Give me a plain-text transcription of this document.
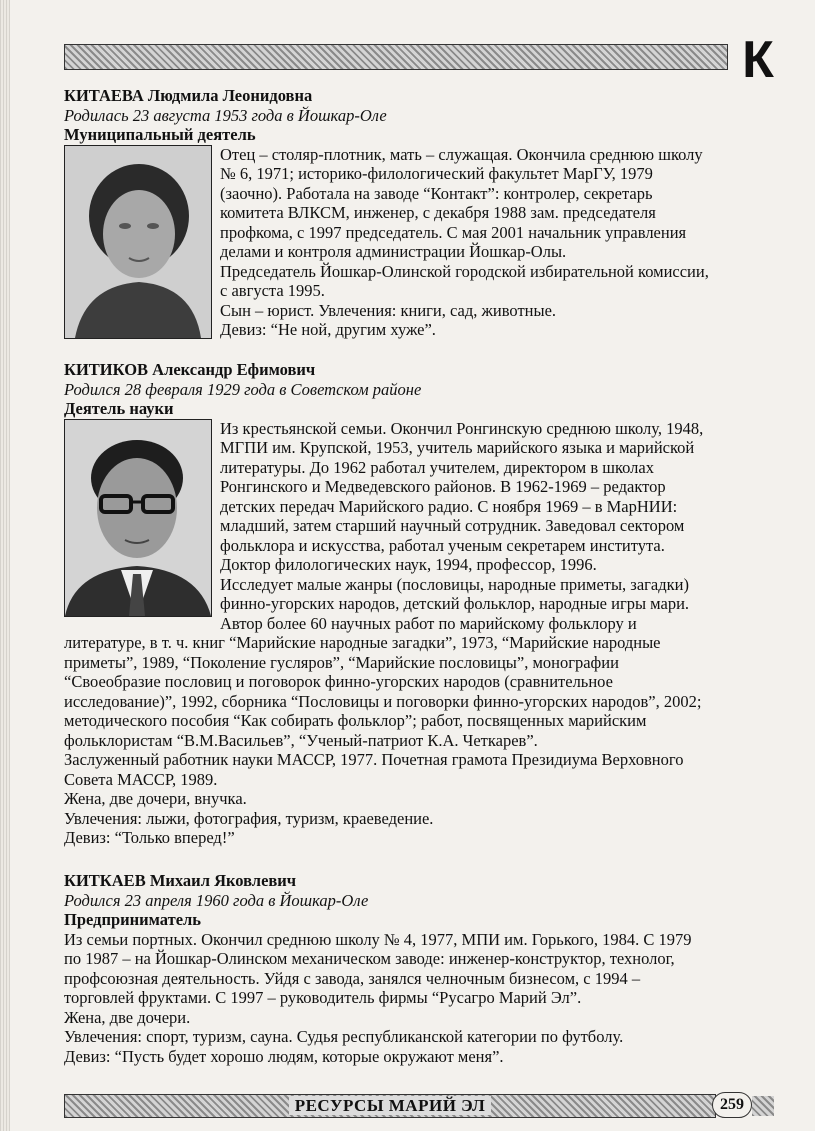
К

КИТАЕВА Людмила Леонидовна

Родилась 23 августа 1953 года в Йошкар-Оле

Муниципальный деятель

Отец – столяр-плотник, мать – служащая. Окончила среднюю школу

№ 6, 1971; историко-филологический факультет МарГУ, 1979

(заочно). Работала на заводе “Контакт”: контролер, секретарь

комитета ВЛКСМ, инженер, с декабря 1988 зам. председателя

профкома, с 1997 председатель. С мая 2001 начальник управления

делами и контроля администрации Йошкар-Олы.

Председатель Йошкар-Олинской городской избирательной комиссии,

с августа 1995.

Сын – юрист. Увлечения: книги, сад, животные.

Девиз: “Не ной, другим хуже”.

КИТИКОВ Александр Ефимович

Родился 28 февраля 1929 года в Советском районе

Деятель науки

Из крестьянской семьи. Окончил Ронгинскую среднюю школу, 1948,

МГПИ им. Крупской, 1953, учитель марийского языка и марийской

литературы. До 1962 работал учителем, директором в школах

Ронгинского и Медведевского районов. В 1962-1969 – редактор

детских передач Марийского радио. С ноября 1969 – в МарНИИ:

младший, затем старший научный сотрудник. Заведовал сектором

фольклора и искусства, работал ученым секретарем института.

Доктор филологических наук, 1994, профессор, 1996.

Исследует малые жанры (пословицы, народные приметы, загадки)

финно-угорских народов, детский фольклор, народные игры мари.

Автор более 60 научных работ по марийскому фольклору и

литературе, в т. ч. книг “Марийские народные загадки”, 1973, “Марийские народные

приметы”, 1989, “Поколение гусляров”, “Марийские пословицы”, монографии

“Своеобразие пословиц и поговорок финно-угорских народов (сравнительное

исследование)”, 1992, сборника “Пословицы и поговорки финно-угорских народов”, 2002;

методического пособия “Как собирать фольклор”; работ, посвященных марийским

фольклористам “В.М.Васильев”, “Ученый-патриот К.А. Четкарев”.

Заслуженный работник науки МАССР, 1977. Почетная грамота Президиума Верховного

Совета МАССР, 1989.

Жена, две дочери, внучка.

Увлечения: лыжи, фотография, туризм, краеведение.

Девиз: “Только вперед!”

КИТКАЕВ Михаил Яковлевич

Родился 23 апреля 1960 года в Йошкар-Оле

Предприниматель

Из семьи портных. Окончил среднюю школу № 4, 1977, МПИ им. Горького, 1984. С 1979

по 1987 – на Йошкар-Олинском механическом заводе: инженер-конструктор, технолог,

профсоюзная деятельность. Уйдя с завода, занялся челночным бизнесом, с 1994 –

торговлей фруктами. С 1997 – руководитель фирмы “Русагро Марий Эл”.

Жена, две дочери.

Увлечения: спорт, туризм, сауна. Судья республиканской категории по футболу.

Девиз: “Пусть будет хорошо людям, которые окружают меня”.

РЕСУРСЫ МАРИЙ ЭЛ	259
